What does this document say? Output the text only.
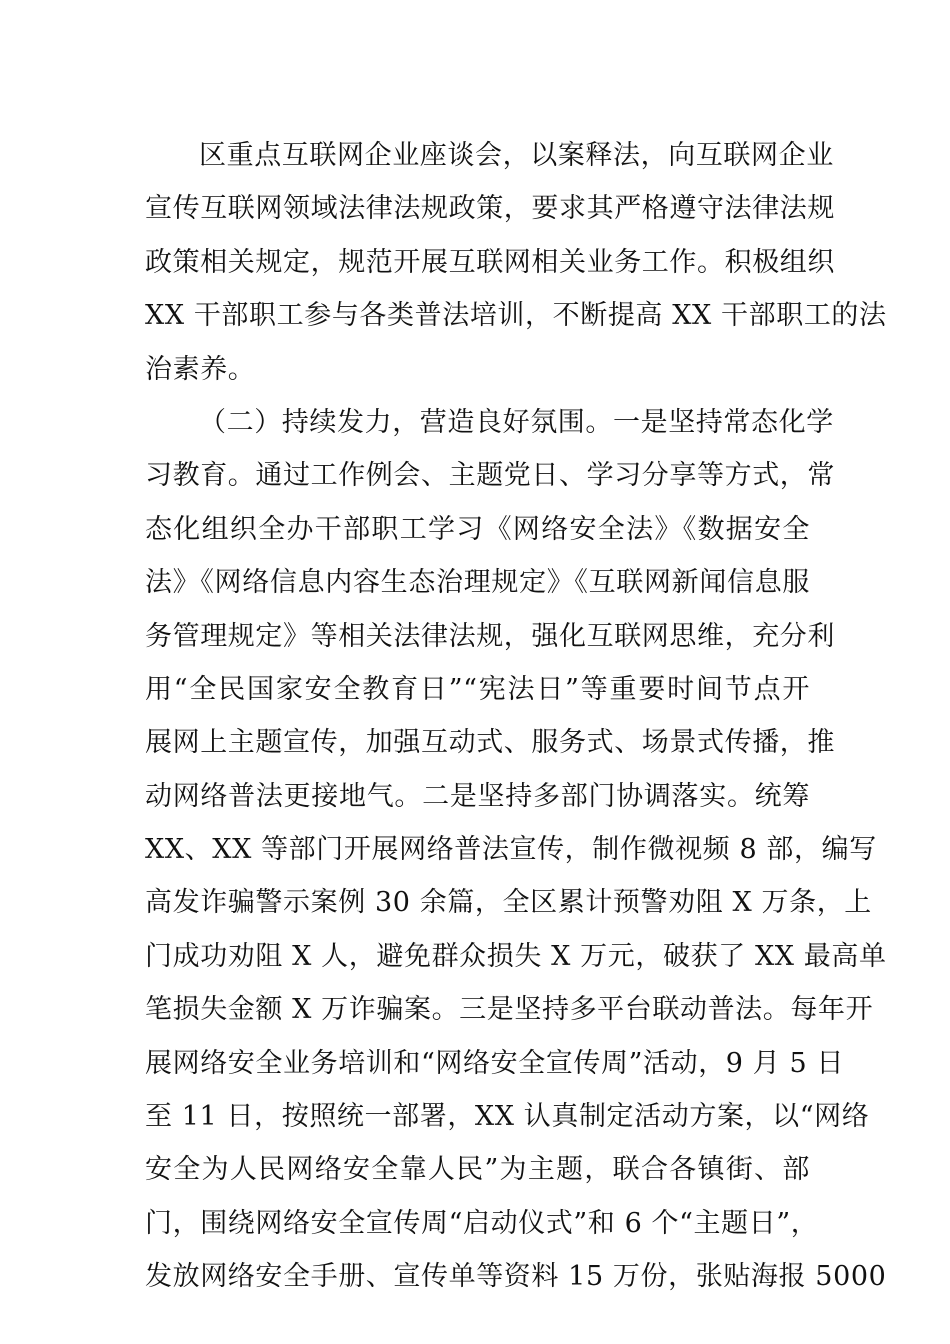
区重点互联网企业座谈会，以案释法，向互联网企业
宣传互联网领域法律法规政策，要求其严格遵守法律法规
政策相关规定，规范开展互联网相关业务工作。积极组织
XX 干部职工参与各类普法培训，不断提高 XX 干部职工的法
治素养。
（二）持续发力，营造良好氛围。一是坚持常态化学
习教育。通过工作例会、主题党日、学习分享等方式，常
态化组织全办干部职工学习《网络安全法》《数据安全
法》《网络信息内容生态治理规定》《互联网新闻信息服
务管理规定》等相关法律法规，强化互联网思维，充分利
用“全民国家安全教育日”“宪法日”等重要时间节点开
展网上主题宣传，加强互动式、服务式、场景式传播，推
动网络普法更接地气。二是坚持多部门协调落实。统筹
XX、XX 等部门开展网络普法宣传，制作微视频 8 部，编写
高发诈骗警示案例 30 余篇，全区累计预警劝阻 X 万条，上
门成功劝阻 X 人，避免群众损失 X 万元，破获了 XX 最高单
笔损失金额 X 万诈骗案。三是坚持多平台联动普法。每年开
展网络安全业务培训和“网络安全宣传周”活动，9 月 5 日
至 11 日，按照统一部署，XX 认真制定活动方案，以“网络
安全为人民网络安全靠人民”为主题，联合各镇街、部
门，围绕网络安全宣传周“启动仪式”和 6 个“主题日”，
发放网络安全手册、宣传单等资料 15 万份，张贴海报 5000
